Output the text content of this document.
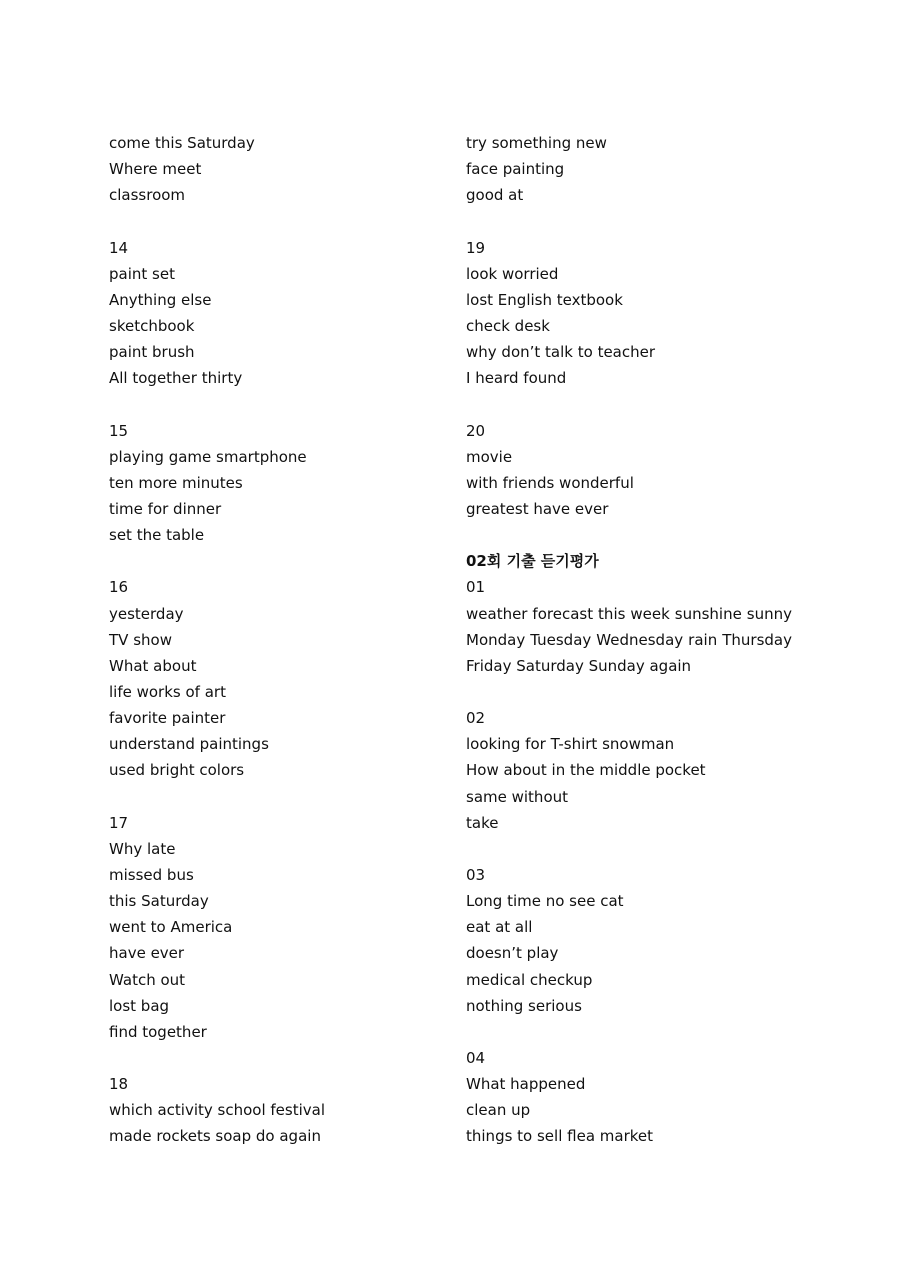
come this Saturday
Where meet
classroom
14
paint set
Anything else
sketchbook
paint brush
All together thirty
15
playing game smartphone
ten more minutes
time for dinner
set the table
16
yesterday
TV show
What about
life works of art
favorite painter
understand paintings
used bright colors
17
Why late
missed bus
this Saturday
went to America
have ever
Watch out
lost bag
find together
18
which activity school festival
made rockets soap do again
try something new
face painting
good at
19
look worried
lost English textbook
check desk
why don’t talk to teacher
I heard found
20
movie
with friends wonderful
greatest have ever
02회 기출 듣기평가
01
weather forecast this week sunshine sunny
Monday Tuesday Wednesday rain Thursday
Friday Saturday Sunday again
02
looking for T-shirt snowman
How about in the middle pocket
same without
take
03
Long time no see cat
eat at all
doesn’t play
medical checkup
nothing serious
04
What happened
clean up
things to sell flea market
